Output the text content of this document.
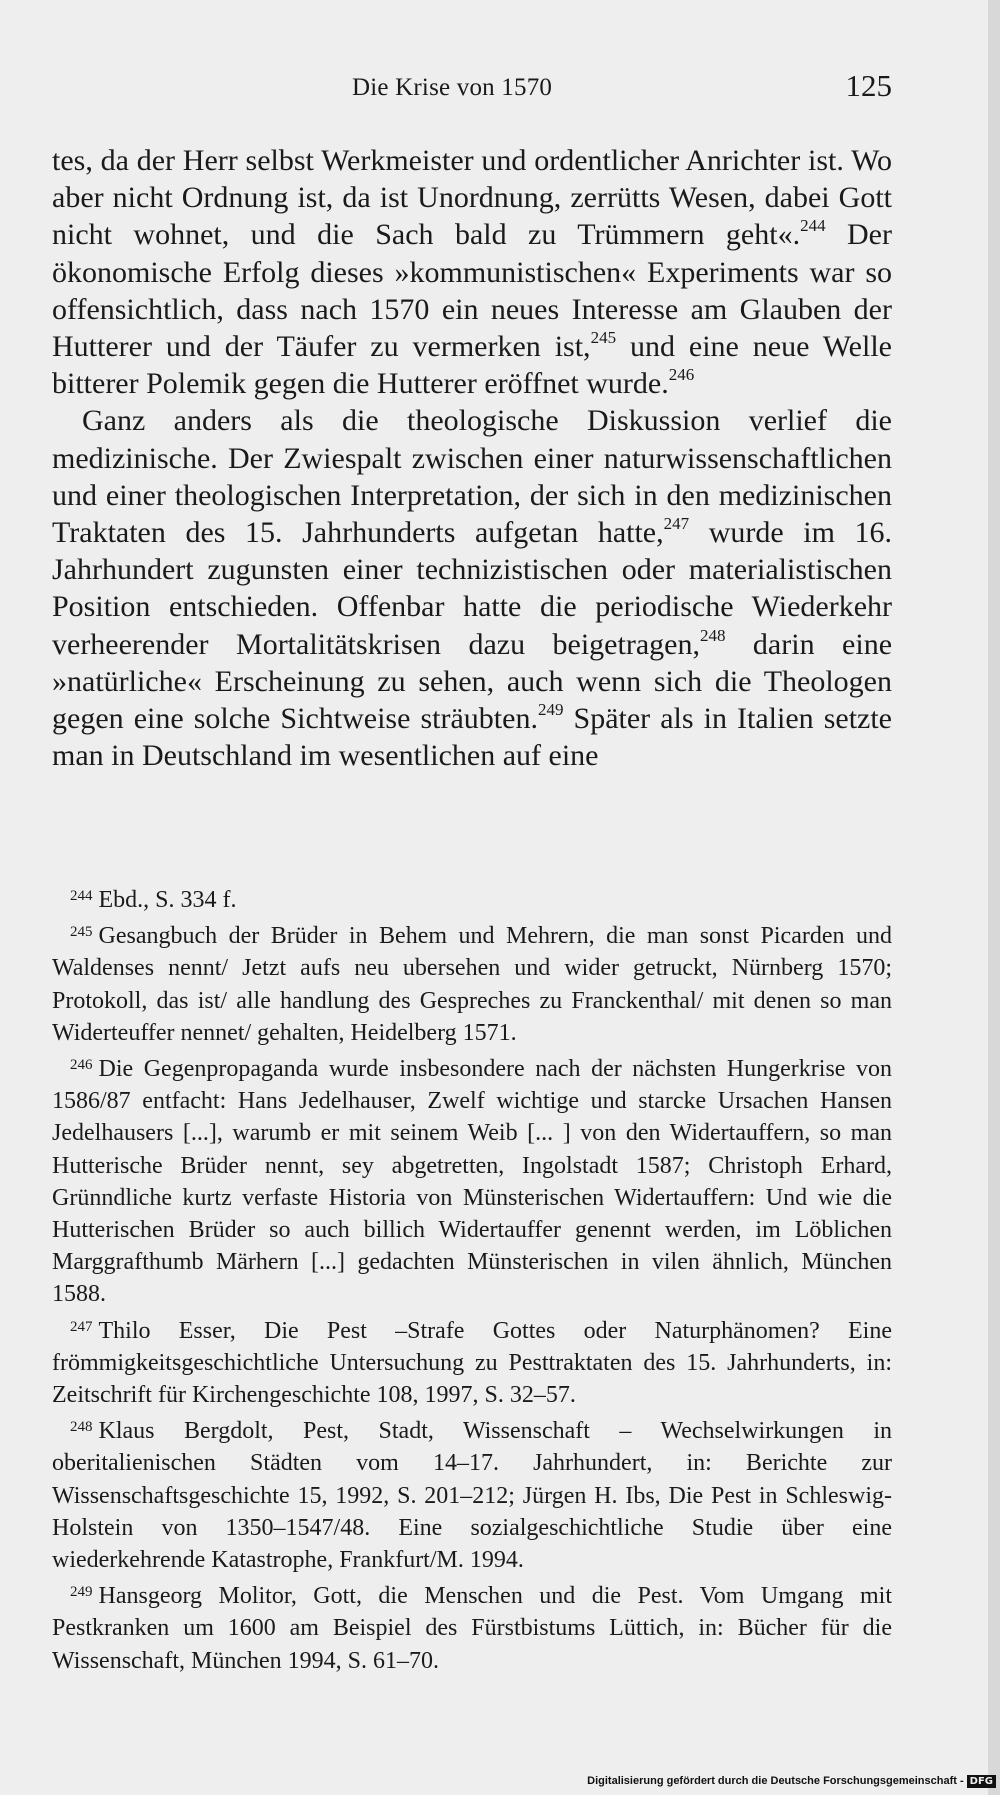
Die Krise von 1570	125

tes, da der Herr selbst Werkmeister und ordentlicher Anrichter ist. Wo aber nicht Ordnung ist, da ist Unordnung, zerrütts Wesen, dabei Gott nicht wohnet, und die Sach bald zu Trümmern geht«.$^{244}$ Der ökonomische Erfolg dieses »kommunistischen« Experiments war so offensichtlich, dass nach 1570 ein neues Interesse am Glauben der Hutterer und der Täufer zu vermerken ist,$^{245}$ und eine neue Welle bitterer Polemik gegen die Hutterer eröffnet wurde.$^{246}$

Ganz anders als die theologische Diskussion verlief die medizinische. Der Zwiespalt zwischen einer naturwissenschaftlichen und einer theologischen Interpretation, der sich in den medizinischen Traktaten des 15. Jahrhunderts aufgetan hatte,$^{247}$ wurde im 16. Jahrhundert zugunsten einer technizistischen oder materialistischen Position entschieden. Offenbar hatte die periodische Wiederkehr verheerender Mortalitätskrisen dazu beigetragen,$^{248}$ darin eine »natürliche« Erscheinung zu sehen, auch wenn sich die Theologen gegen eine solche Sichtweise sträubten.$^{249}$ Später als in Italien setzte man in Deutschland im wesentlichen auf eine

$^{244}$ Ebd., S. 334 f.

$^{245}$ Gesangbuch der Brüder in Behem und Mehrern, die man sonst Picarden und Waldenses nennt/ Jetzt aufs neu ubersehen und wider getruckt, Nürnberg 1570; Protokoll, das ist/ alle handlung des Gespreches zu Franckenthal/ mit denen so man Widerteuffer nennet/ gehalten, Heidelberg 1571.

$^{246}$ Die Gegenpropaganda wurde insbesondere nach der nächsten Hungerkrise von 1586/87 entfacht: Hans Jedelhauser, Zwelf wichtige und starcke Ursachen Hansen Jedelhausers [...], warumb er mit seinem Weib [... ] von den Widertauffern, so man Hutterische Brüder nennt, sey abgetretten, Ingolstadt 1587; Christoph Erhard, Grünndliche kurtz verfaste Historia von Münsterischen Widertauffern: Und wie die Hutterischen Brüder so auch billich Widertauffer genennt werden, im Löblichen Marggrafthumb Märhern [...] gedachten Münsterischen in vilen ähnlich, München 1588.

$^{247}$ Thilo Esser, Die Pest –Strafe Gottes oder Naturphänomen? Eine frömmigkeitsgeschichtliche Untersuchung zu Pesttraktaten des 15. Jahrhunderts, in: Zeitschrift für Kirchengeschichte 108, 1997, S. 32–57.

$^{248}$ Klaus Bergdolt, Pest, Stadt, Wissenschaft – Wechselwirkungen in oberitalienischen Städten vom 14–17. Jahrhundert, in: Berichte zur Wissenschaftsgeschichte 15, 1992, S. 201–212; Jürgen H. Ibs, Die Pest in Schleswig-Holstein von 1350–1547/48. Eine sozialgeschichtliche Studie über eine wiederkehrende Katastrophe, Frankfurt/M. 1994.

$^{249}$ Hansgeorg Molitor, Gott, die Menschen und die Pest. Vom Umgang mit Pestkranken um 1600 am Beispiel des Fürstbistums Lüttich, in: Bücher für die Wissenschaft, München 1994, S. 61–70.

Digitalisierung gefördert durch die Deutsche Forschungsgemeinschaft - DFG
